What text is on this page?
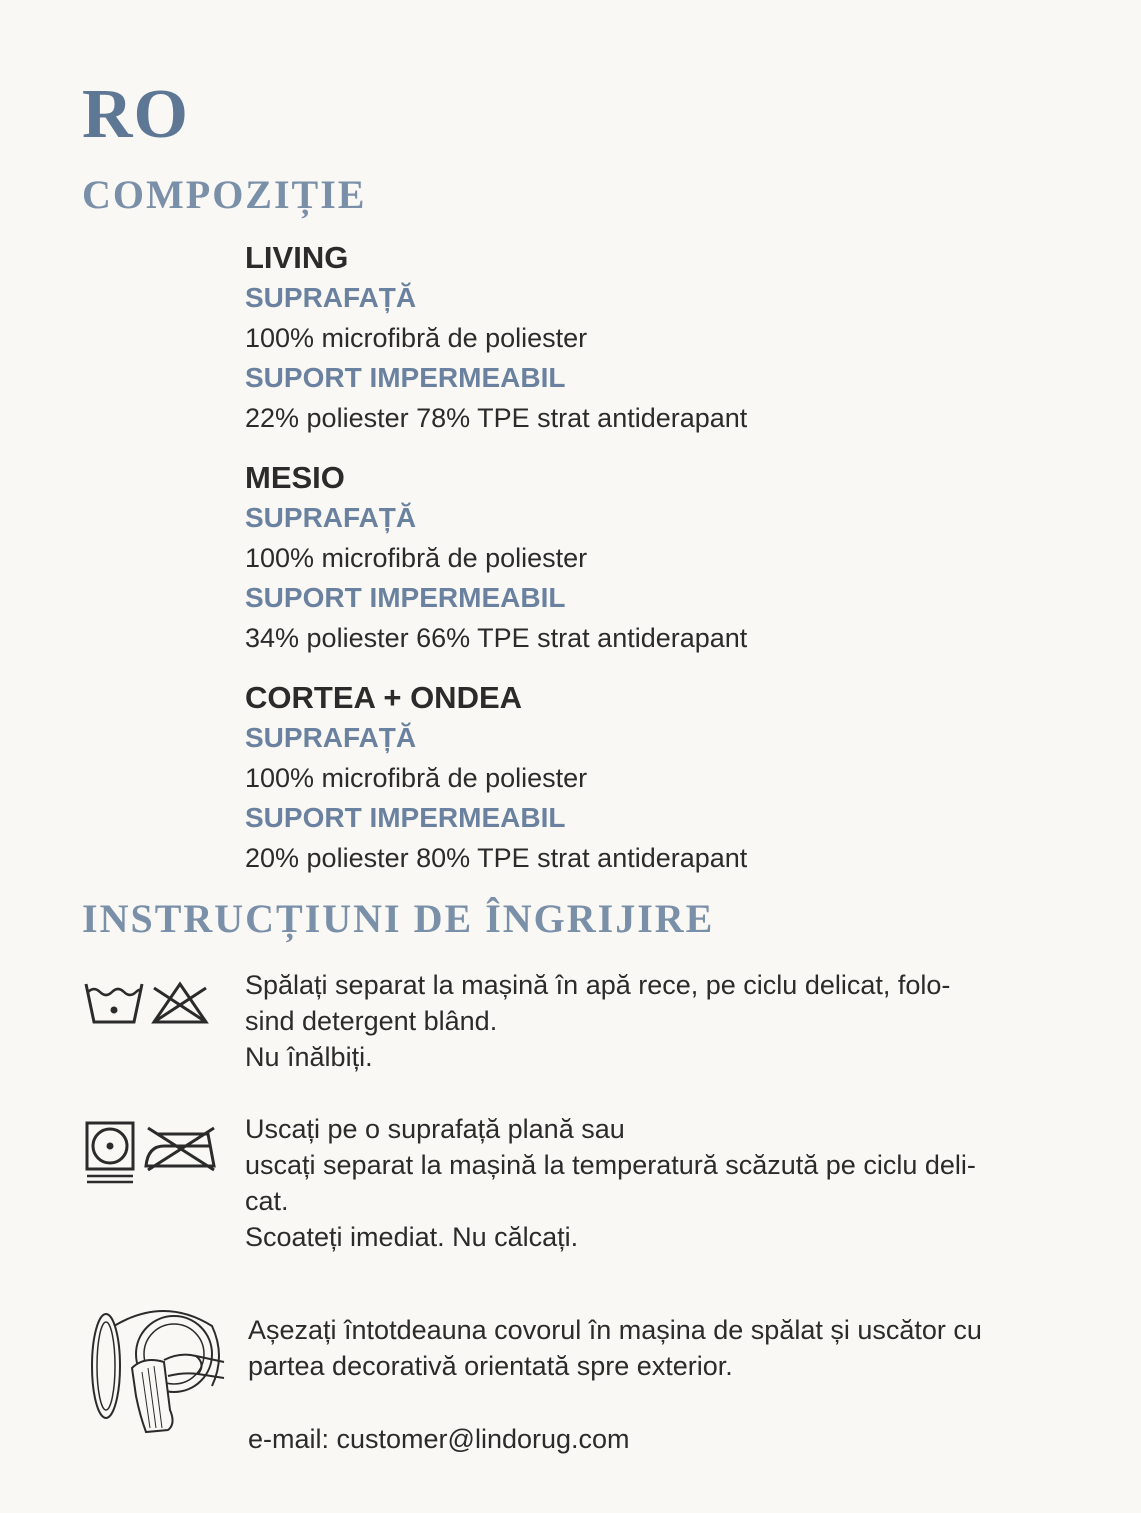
RO
COMPOZIȚIE
LIVING
SUPRAFAȚĂ
100% microfibră de poliester
SUPORT IMPERMEABIL
22% poliester 78% TPE strat antiderapant
MESIO
SUPRAFAȚĂ
100% microfibră de poliester
SUPORT IMPERMEABIL
34% poliester 66% TPE strat antiderapant
CORTEA + ONDEA
SUPRAFAȚĂ
100% microfibră de poliester
SUPORT IMPERMEABIL
20% poliester 80% TPE strat antiderapant
INSTRUCȚIUNI DE ÎNGRIJIRE
Spălați separat la mașină în apă rece, pe ciclu delicat, folo-
sind detergent blând.
Nu înălbiți.
Uscați pe o suprafață plană sau
uscați separat la mașină la temperatură scăzută pe ciclu deli-
cat.
Scoateți imediat. Nu călcați.
Așezați întotdeauna covorul în mașina de spălat și uscător cu
partea decorativă orientată spre exterior.
e-mail: customer@lindorug.com
